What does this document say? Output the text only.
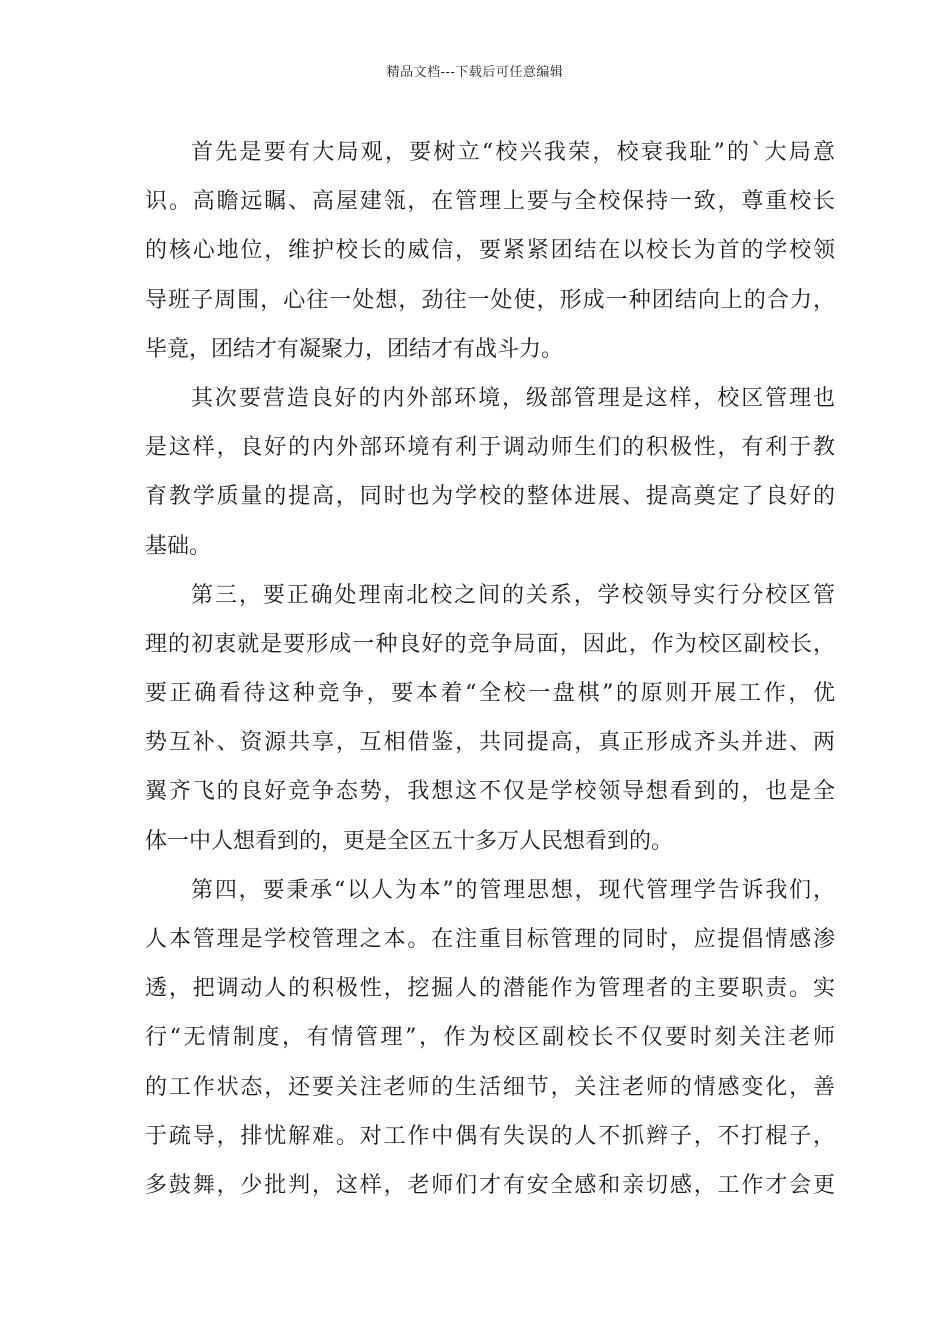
精品文档---下载后可任意编辑
首先是要有大局观，要树立“校兴我荣，校衰我耻”的`大局意
识。高瞻远瞩、高屋建瓴，在管理上要与全校保持一致，尊重校长
的核心地位，维护校长的威信，要紧紧团结在以校长为首的学校领
导班子周围，心往一处想，劲往一处使，形成一种团结向上的合力，
毕竟，团结才有凝聚力，团结才有战斗力。
其次要营造良好的内外部环境，级部管理是这样，校区管理也
是这样，良好的内外部环境有利于调动师生们的积极性，有利于教
育教学质量的提高，同时也为学校的整体进展、提高奠定了良好的
基础。
第三，要正确处理南北校之间的关系，学校领导实行分校区管
理的初衷就是要形成一种良好的竞争局面，因此，作为校区副校长，
要正确看待这种竞争，要本着“全校一盘棋”的原则开展工作，优
势互补、资源共享，互相借鉴，共同提高，真正形成齐头并进、两
翼齐飞的良好竞争态势，我想这不仅是学校领导想看到的，也是全
体一中人想看到的，更是全区五十多万人民想看到的。
第四，要秉承“以人为本”的管理思想，现代管理学告诉我们，
人本管理是学校管理之本。在注重目标管理的同时，应提倡情感渗
透，把调动人的积极性，挖掘人的潜能作为管理者的主要职责。实
行“无情制度，有情管理”，作为校区副校长不仅要时刻关注老师
的工作状态，还要关注老师的生活细节，关注老师的情感变化，善
于疏导，排忧解难。对工作中偶有失误的人不抓辫子，不打棍子，
多鼓舞，少批判，这样，老师们才有安全感和亲切感，工作才会更
